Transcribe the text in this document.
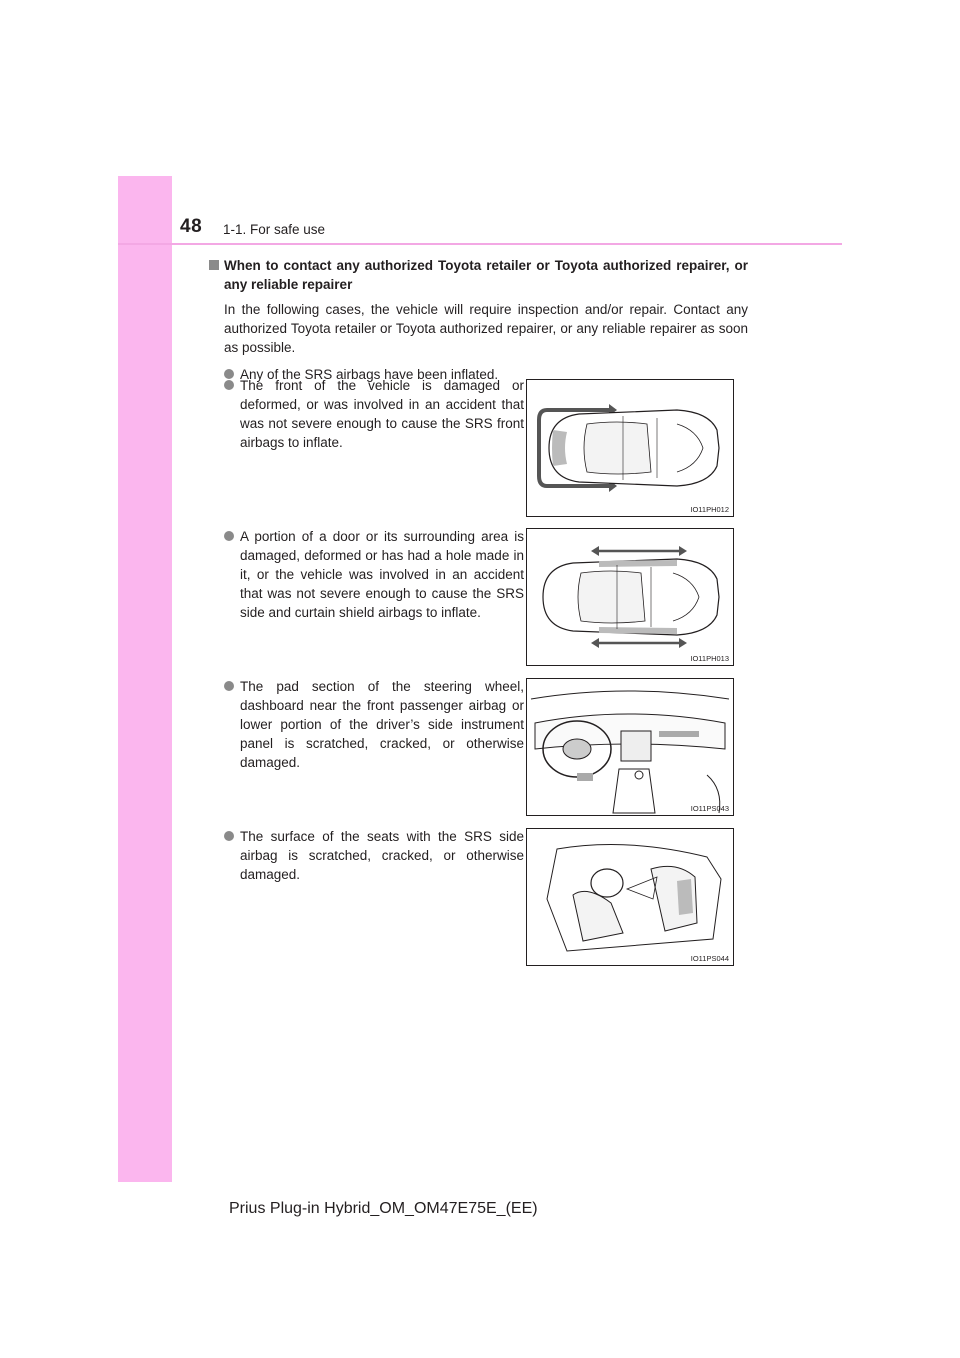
48 1-1. For safe use
When to contact any authorized Toyota retailer or Toyota authorized repairer, or any reliable repairer
In the following cases, the vehicle will require inspection and/or repair. Contact any authorized Toyota retailer or Toyota authorized repairer, or any reliable repairer as soon as possible.
Any of the SRS airbags have been inflated.
The front of the vehicle is damaged or deformed, or was involved in an accident that was not severe enough to cause the SRS front airbags to inflate.
IO11PH012
A portion of a door or its surrounding area is damaged, deformed or has had a hole made in it, or the vehicle was involved in an accident that was not severe enough to cause the SRS side and curtain shield airbags to inflate.
IO11PH013
The pad section of the steering wheel, dashboard near the front passenger airbag or lower portion of the driver’s side instrument panel is scratched, cracked, or otherwise damaged.
IO11PS043
The surface of the seats with the SRS side airbag is scratched, cracked, or otherwise damaged.
IO11PS044
Prius Plug-in Hybrid_OM_OM47E75E_(EE)
